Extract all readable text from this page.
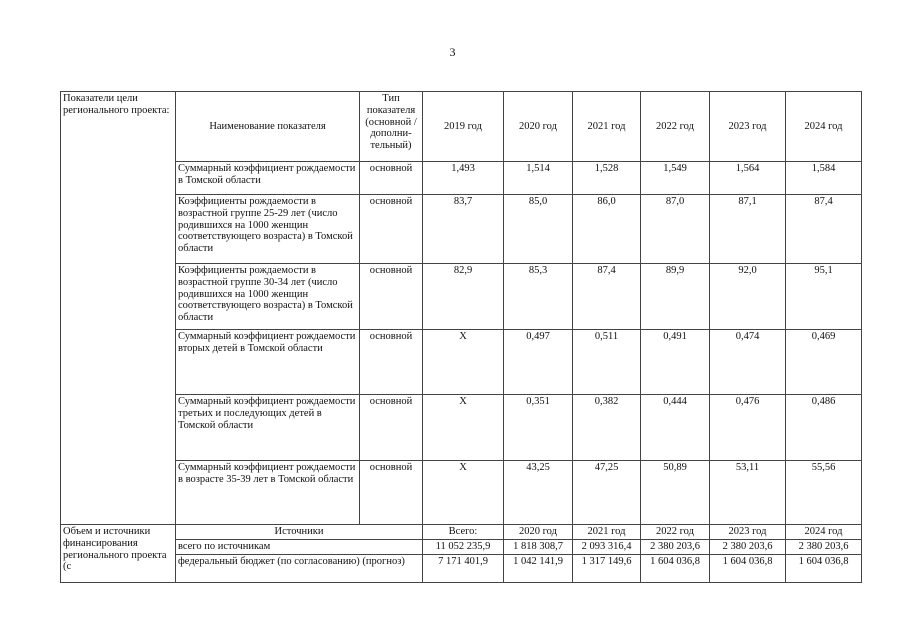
3
Показатели цели регионального проекта:	Наименование показателя	Тип показателя (основной / дополни-тельный)	2019 год	2020 год	2021 год	2022 год	2023 год	2024 год
	Суммарный коэффициент рождаемости в Томской области	основной	1,493	1,514	1,528	1,549	1,564	1,584
	Коэффициенты рождаемости в возрастной группе 25-29 лет (число родившихся на 1000 женщин соответствующего возраста) в Томской области	основной	83,7	85,0	86,0	87,0	87,1	87,4
	Коэффициенты рождаемости в возрастной группе 30-34 лет (число родившихся на 1000 женщин соответствующего возраста) в Томской области	основной	82,9	85,3	87,4	89,9	92,0	95,1
	Суммарный коэффициент рождаемости вторых детей в Томской области	основной	Х	0,497	0,511	0,491	0,474	0,469
	Суммарный коэффициент рождаемости третьих и последующих детей в Томской области	основной	Х	0,351	0,382	0,444	0,476	0,486
	Суммарный коэффициент рождаемости в возрасте 35-39 лет в Томской области	основной	Х	43,25	47,25	50,89	53,11	55,56
Объем и источники финансирования регионального проекта (с	Источники		Всего:	2020 год	2021 год	2022 год	2023 год	2024 год
	всего по источникам		11 052 235,9	1 818 308,7	2 093 316,4	2 380 203,6	2 380 203,6	2 380 203,6
	федеральный бюджет (по согласованию) (прогноз)		7 171 401,9	1 042 141,9	1 317 149,6	1 604 036,8	1 604 036,8	1 604 036,8
